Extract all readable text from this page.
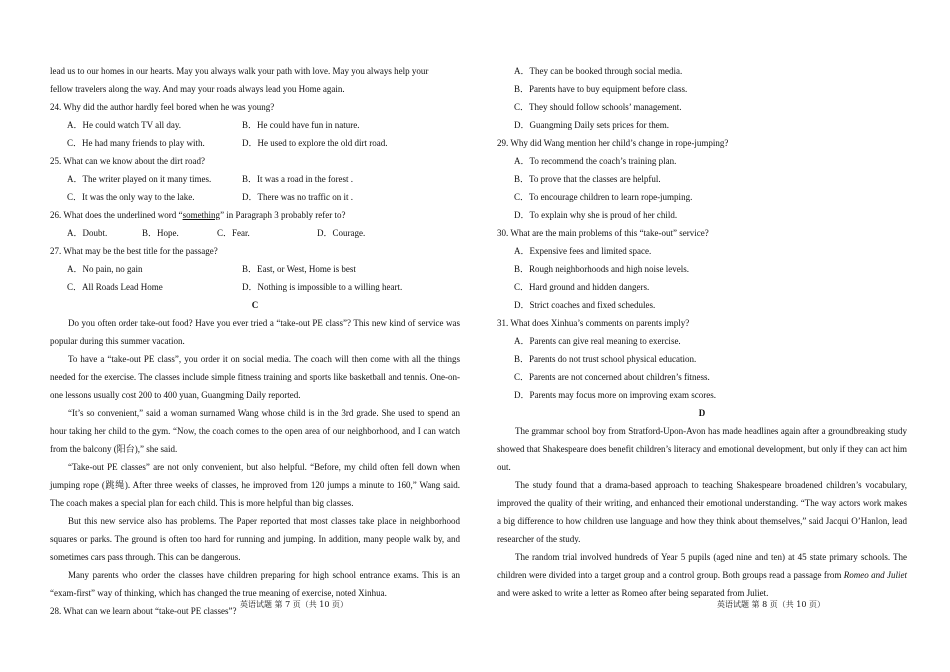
lead us to our homes in our hearts. May you always walk your path with love. May you always help your

fellow travelers along the way. And may your roads always lead you Home again.

24. Why did the author hardly feel bored when he was young?

A．He could watch TV all day.	B．He could have fun in nature.
C．He had many friends to play with.	D．He used to explore the old dirt road.

25. What can we know about the dirt road?

A．The writer played on it many times.	B．It was a road in the forest .
C．It was the only way to the lake.	D．There was no traffic on it .

26. What does the underlined word “something” in Paragraph 3 probably refer to?

A．Doubt.	B．Hope.	C．Fear.	D．Courage.

27. What may be the best title for the passage?

A．No pain, no gain	B．East, or West, Home is best
C．All Roads Lead Home	D．Nothing is impossible to a willing heart.

C

Do you often order take-out food? Have you ever tried a “take-out PE class”? This new kind of service was popular during this summer vacation.

To have a “take-out PE class”, you order it on social media. The coach will then come with all the things needed for the exercise. The classes include simple fitness training and sports like basketball and tennis. One-on-one lessons usually cost 200 to 400 yuan, Guangming Daily reported.

“It’s so convenient,” said a woman surnamed Wang whose child is in the 3rd grade. She used to spend an hour taking her child to the gym. “Now, the coach comes to the open area of our neighborhood, and I can watch from the balcony (阳台),” she said.

“Take-out PE classes” are not only convenient, but also helpful. “Before, my child often fell down when jumping rope (跳绳). After three weeks of classes, he improved from 120 jumps a minute to 160,” Wang said. The coach makes a special plan for each child. This is more helpful than big classes.

But this new service also has problems. The Paper reported that most classes take place in neighborhood squares or parks. The ground is often too hard for running and jumping. In addition, many people walk by, and sometimes cars pass through. This can be dangerous.

Many parents who order the classes have children preparing for high school entrance exams. This is an “exam-first” way of thinking, which has changed the true meaning of exercise, noted Xinhua.

28. What can we learn about “take-out PE classes”?

A．They can be booked through social media.

B．Parents have to buy equipment before class.

C．They should follow schools’ management.

D．Guangming Daily sets prices for them.

29. Why did Wang mention her child’s change in rope-jumping?

A．To recommend the coach’s training plan.

B．To prove that the classes are helpful.

C．To encourage children to learn rope-jumping.

D．To explain why she is proud of her child.

30. What are the main problems of this “take-out” service?

A．Expensive fees and limited space.

B．Rough neighborhoods and high noise levels.

C．Hard ground and hidden dangers.

D．Strict coaches and fixed schedules.

31. What does Xinhua’s comments on parents imply?

A．Parents can give real meaning to exercise.

B．Parents do not trust school physical education.

C．Parents are not concerned about children’s fitness.

D．Parents may focus more on improving exam scores.

D

The grammar school boy from Stratford-Upon-Avon has made headlines again after a groundbreaking study showed that Shakespeare does benefit children’s literacy and emotional development, but only if they can act him out.

The study found that a drama-based approach to teaching Shakespeare broadened children’s vocabulary, improved the quality of their writing, and enhanced their emotional understanding. “The way actors work makes a big difference to how children use language and how they think about themselves,” said Jacqui O’Hanlon, lead researcher of the study.

The random trial involved hundreds of Year 5 pupils (aged nine and ten) at 45 state primary schools. The children were divided into a target group and a control group. Both groups read a passage from Romeo and Juliet and were asked to write a letter as Romeo after being separated from Juliet.

英语试题 第 7 页（共 10 页）	英语试题 第 8 页（共 10 页）
